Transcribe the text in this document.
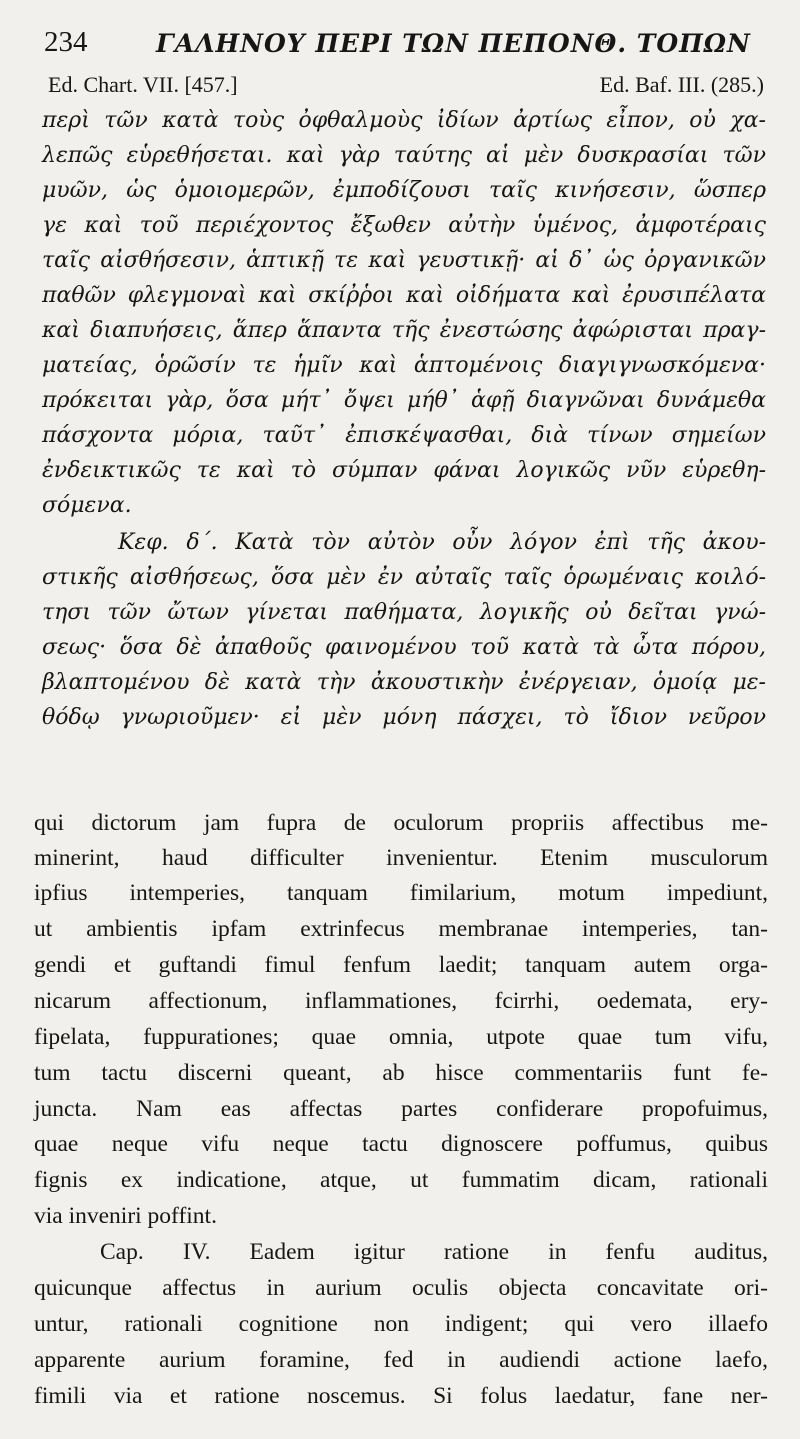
234	ΓΑΛΗΝΟΥ ΠΕΡΙ ΤΩΝ ΠΕΠΟΝΘ. ΤΟΠΩΝ
Ed. Chart. VII. [457.]	Ed. Baf. III. (285.)
περὶ τῶν κατὰ τοὺς ὀφθαλμοὺς ἰδίων ἀρτίως εἶπον, οὐ χα-
λεπῶς εὑρεθήσεται. καὶ γὰρ ταύτης αἱ μὲν δυσκρασίαι τῶν
μυῶν, ὡς ὁμοιομερῶν, ἐμποδίζουσι ταῖς κινήσεσιν, ὥσπερ
γε καὶ τοῦ περιέχοντος ἔξωθεν αὐτὴν ὑμένος, ἀμφοτέραις
ταῖς αἰσθήσεσιν, ἁπτικῇ τε καὶ γευστικῇ· αἱ δ᾽ ὡς ὀργανικῶν
παθῶν φλεγμοναὶ καὶ σκίῤῥοι καὶ οἰδήματα καὶ ἐρυσιπέλατα
καὶ διαπυήσεις, ἅπερ ἅπαντα τῆς ἐνεστώσης ἀφώρισται πραγ-
ματείας, ὁρῶσίν τε ἡμῖν καὶ ἁπτομένοις διαγιγνωσκόμενα·
πρόκειται γὰρ, ὅσα μήτ᾽ ὄψει μήθ᾽ ἁφῇ διαγνῶναι δυνάμεθα
πάσχοντα μόρια, ταῦτ᾽ ἐπισκέψασθαι, διὰ τίνων σημείων
ἐνδεικτικῶς τε καὶ τὸ σύμπαν φάναι λογικῶς νῦν εὑρεθη-
σόμενα.
Κεφ. δ΄. Κατὰ τὸν αὐτὸν οὖν λόγον ἐπὶ τῆς ἀκου-
στικῆς αἰσθήσεως, ὅσα μὲν ἐν αὐταῖς ταῖς ὁρωμέναις κοιλό-
τησι τῶν ὤτων γίνεται παθήματα, λογικῆς οὐ δεῖται γνώ-
σεως· ὅσα δὲ ἀπαθοῦς φαινομένου τοῦ κατὰ τὰ ὦτα πόρου,
βλαπτομένου δὲ κατὰ τὴν ἀκουστικὴν ἐνέργειαν, ὁμοίᾳ με-
θόδῳ γνωριοῦμεν· εἰ μὲν μόνη πάσχει, τὸ ἴδιον νεῦρον
qui dictorum jam fupra de oculorum propriis affectibus me-
minerint, haud difficulter invenientur. Etenim musculorum
ipfius intemperies, tanquam fimilarium, motum impediunt,
ut ambientis ipfam extrinfecus membranae intemperies, tan-
gendi et guftandi fimul fenfum laedit; tanquam autem orga-
nicarum affectionum, inflammationes, fcirrhi, oedemata, ery-
fipelata, fuppurationes; quae omnia, utpote quae tum vifu,
tum tactu discerni queant, ab hisce commentariis funt fe-
juncta. Nam eas affectas partes confiderare propofuimus,
quae neque vifu neque tactu dignoscere poffumus, quibus
fignis ex indicatione, atque, ut fummatim dicam, rationali
via inveniri poffint.
Cap. IV. Eadem igitur ratione in fenfu auditus,
quicunque affectus in aurium oculis objecta concavitate ori-
untur, rationali cognitione non indigent; qui vero illaefo
apparente aurium foramine, fed in audiendi actione laefo,
fimili via et ratione noscemus. Si folus laedatur, fane ner-
